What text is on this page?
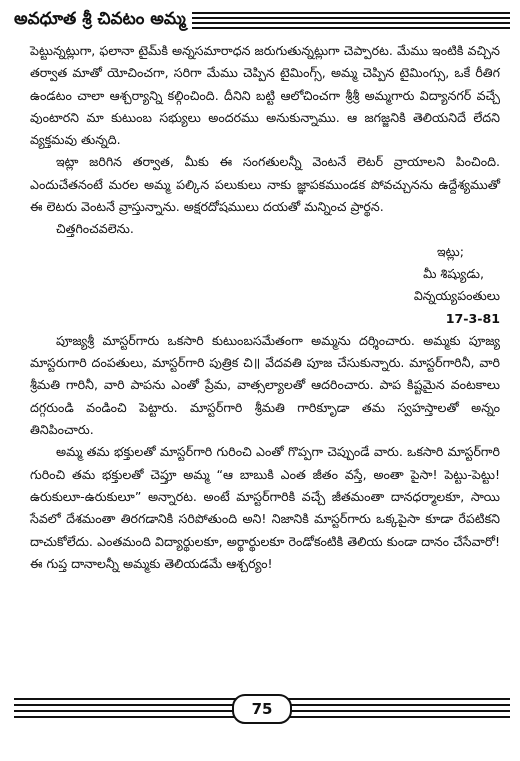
అవధూత శ్రీ చివటం అమ్మ

పెట్టున్నట్లుగా, ఫలానా టైమ్‌కి అన్నసమారాధన జరుగుతున్నట్లుగా చెప్పారట. మేము ఇంటికి వచ్చిన తర్వాత మాతో యోచించగా, సరిగా మేము చెప్పిన టైమింగ్స్, అమ్మ చెప్పిన టైమింగ్సు, ఒకే రీతిగ ఉండటం చాలా ఆశ్చర్యాన్ని కల్గించింది. దీనిని బట్టి ఆలోచించగా శ్రీశ్రీ అమ్మగారు విద్యానగర్ వచ్చే వుంటారని మా కుటుంబ సభ్యులు అందరము అనుకున్నాము. ఆ జగజ్జనికి తెలియనిదే లేదని వ్యక్తమవు తున్నది.

ఇట్లా జరిగిన తర్వాత, మీకు ఈ సంగతులన్నీ వెంటనే లెటర్ వ్రాయాలని పించింది. ఎందుచేతనంటే మరల అమ్మ పల్కిన పలుకులు నాకు జ్ఞాపకముండక పోవచ్చునను ఉద్దేశ్యముతో ఈ లెటరు వెంటనే వ్రాస్తున్నాను. అక్షరదోషములు దయతో మన్నించ ప్రార్థన.

చిత్తగించవలెను.

ఇట్లు;

మీ శిష్యుడు,

విన్నయ్యపంతులు

17-3-81

పూజ్యశ్రీ మాస్టర్‌గారు ఒకసారి కుటుంబసమేతంగా అమ్మను దర్శించారు. అమ్మకు పూజ్య మాస్టరుగారి దంపతులు, మాస్టర్‌గారి పుత్రిక చి॥ వేదవతి పూజ చేసుకున్నారు. మాస్టర్‌గారినీ, వారి శ్రీమతి గారినీ, వారి పాపను ఎంతో ప్రేమ, వాత్సల్యాలతో ఆదరించారు. పాప కిష్టమైన వంటకాలు దగ్గరుండి వండించి పెట్టారు. మాస్టర్‌గారి శ్రీమతి గారికృూడా తమ స్వహస్తాలతో అన్నం తినిపించారు.

అమ్మ తమ భక్తులతో మాస్టర్‌గారి గురించి ఎంతో గొప్పగా చెప్పుండే వారు. ఒకసారి మాస్టర్‌గారి గురించి తమ భక్తులతో చెప్తూ అమ్మ “ఆ బాబుకి ఎంత జీతం వస్తే, అంతా పైసా! పెట్టు-పెట్టు! ఉరుకులూ-ఉరుకులూ” అన్నారట. అంటే మాస్టర్‌గారికి వచ్చే జీతమంతా దానధర్మాలకూ, సాయి సేవలో దేశమంతా తిరగడానికి సరిపోతుంది అని! నిజానికి మాస్టర్‌గారు ఒక్కపైసా కూడా రేపటికని దాచుకోలేదు. ఎంతమంది విద్యార్థులకూ, అర్థార్థులకూ రెండోకంటికి తెలియ కుండా దానం చేసేవారో! ఈ గుప్త దానాలన్నీ అమ్మకు తెలియడమే ఆశ్చర్యం!

75
